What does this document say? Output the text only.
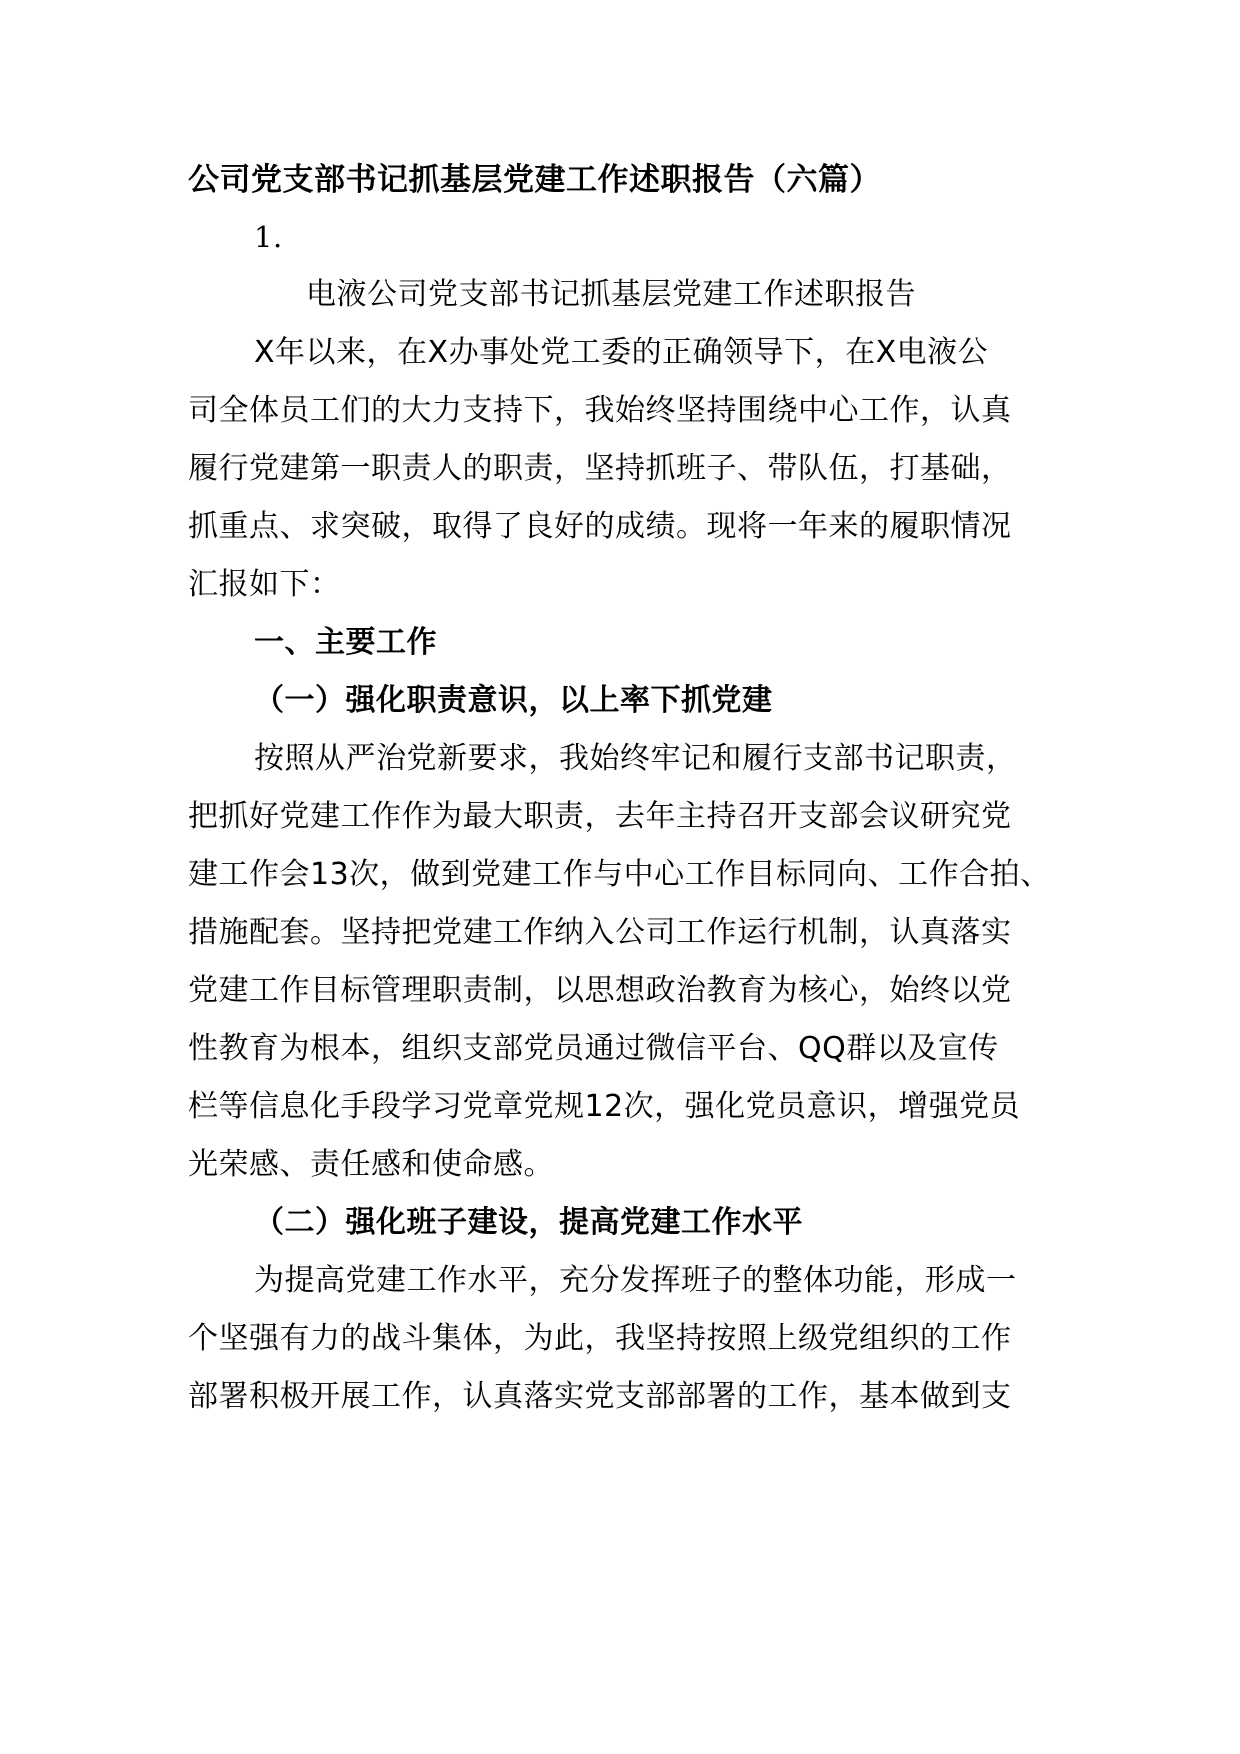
公司党支部书记抓基层党建工作述职报告（六篇）
1.
电液公司党支部书记抓基层党建工作述职报告
X年以来，在X办事处党工委的正确领导下，在X电液公
司全体员工们的大力支持下，我始终坚持围绕中心工作，认真
履行党建第一职责人的职责，坚持抓班子、带队伍，打基础，
抓重点、求突破，取得了良好的成绩。现将一年来的履职情况
汇报如下：
一、主要工作
（一）强化职责意识，以上率下抓党建
按照从严治党新要求，我始终牢记和履行支部书记职责，
把抓好党建工作作为最大职责，去年主持召开支部会议研究党
建工作会13次，做到党建工作与中心工作目标同向、工作合拍、
措施配套。坚持把党建工作纳入公司工作运行机制，认真落实
党建工作目标管理职责制，以思想政治教育为核心，始终以党
性教育为根本，组织支部党员通过微信平台、QQ群以及宣传
栏等信息化手段学习党章党规12次，强化党员意识，增强党员
光荣感、责任感和使命感。
（二）强化班子建设，提高党建工作水平
为提高党建工作水平，充分发挥班子的整体功能，形成一
个坚强有力的战斗集体，为此，我坚持按照上级党组织的工作
部署积极开展工作，认真落实党支部部署的工作，基本做到支
